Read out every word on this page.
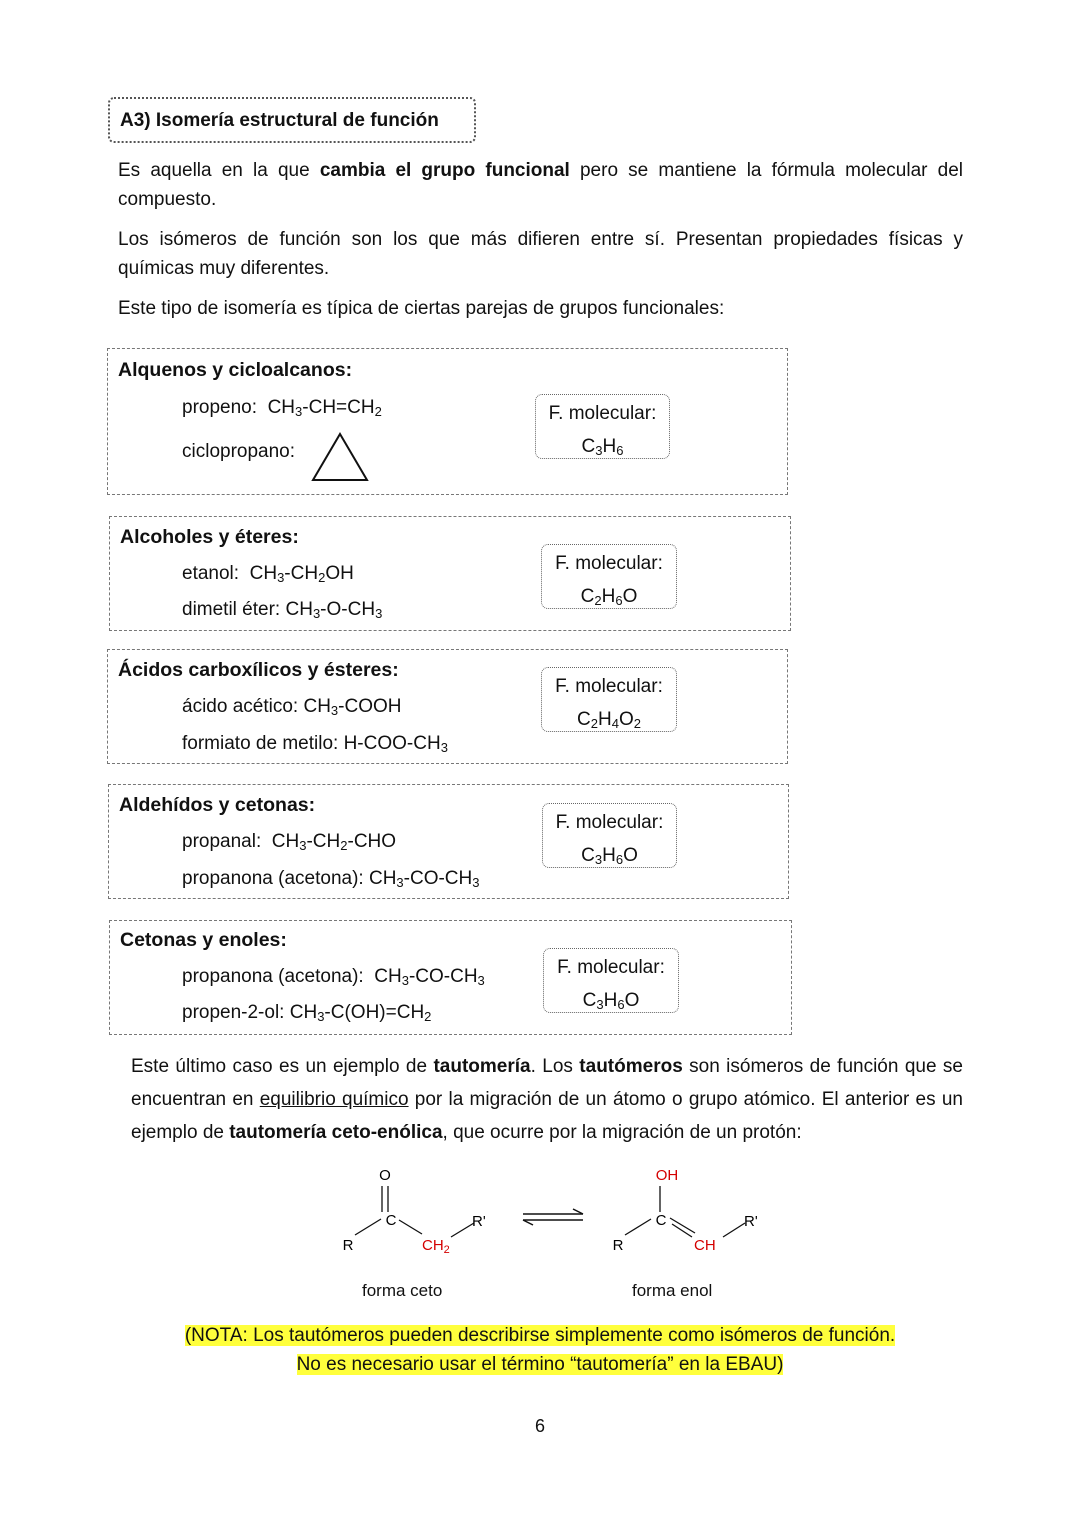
A3) Isomería estructural de función
Es aquella en la que cambia el grupo funcional pero se mantiene la fórmula molecular del compuesto.
Los isómeros de función son los que más difieren entre sí. Presentan propiedades físicas y químicas muy diferentes.
Este tipo de isomería es típica de ciertas parejas de grupos funcionales:
Alquenos y cicloalcanos:
propeno: $CH_3-CH=CH_2$
ciclopropano:
F. molecular:
$C_3H_6$
Alcoholes y éteres:
etanol: $CH_3-CH_2OH$
dimetil éter: $CH_3-O-CH_3$
F. molecular:
$C_2H_6O$
Ácidos carboxílicos y ésteres:
ácido acético: $CH_3$-COOH
formiato de metilo: $H-COO-CH_3$
F. molecular:
$C_2H_4O_2$
Aldehídos y cetonas:
propanal: $CH_3-CH_2$-CHO
propanona (acetona): $CH_3-CO-CH_3$
F. molecular:
$C_3H_6O$
Cetonas y enoles:
propanona (acetona): $CH_3-CO-CH_3$
propen-2-ol: $CH_3-C(OH)=CH_2$
F. molecular:
$C_3H_6O$
Este último caso es un ejemplo de tautomería. Los tautómeros son isómeros de función que se encuentran en equilibrio químico por la migración de un átomo o grupo atómico. El anterior es un ejemplo de tautomería ceto-enólica, que ocurre por la migración de un protón:
O
C
R	$CH_2$
R'
OH
C
R	CH
R'
forma ceto	forma enol
(NOTA: Los tautómeros pueden describirse simplemente como isómeros de función.
No es necesario usar el término “tautomería” en la EBAU)
6
